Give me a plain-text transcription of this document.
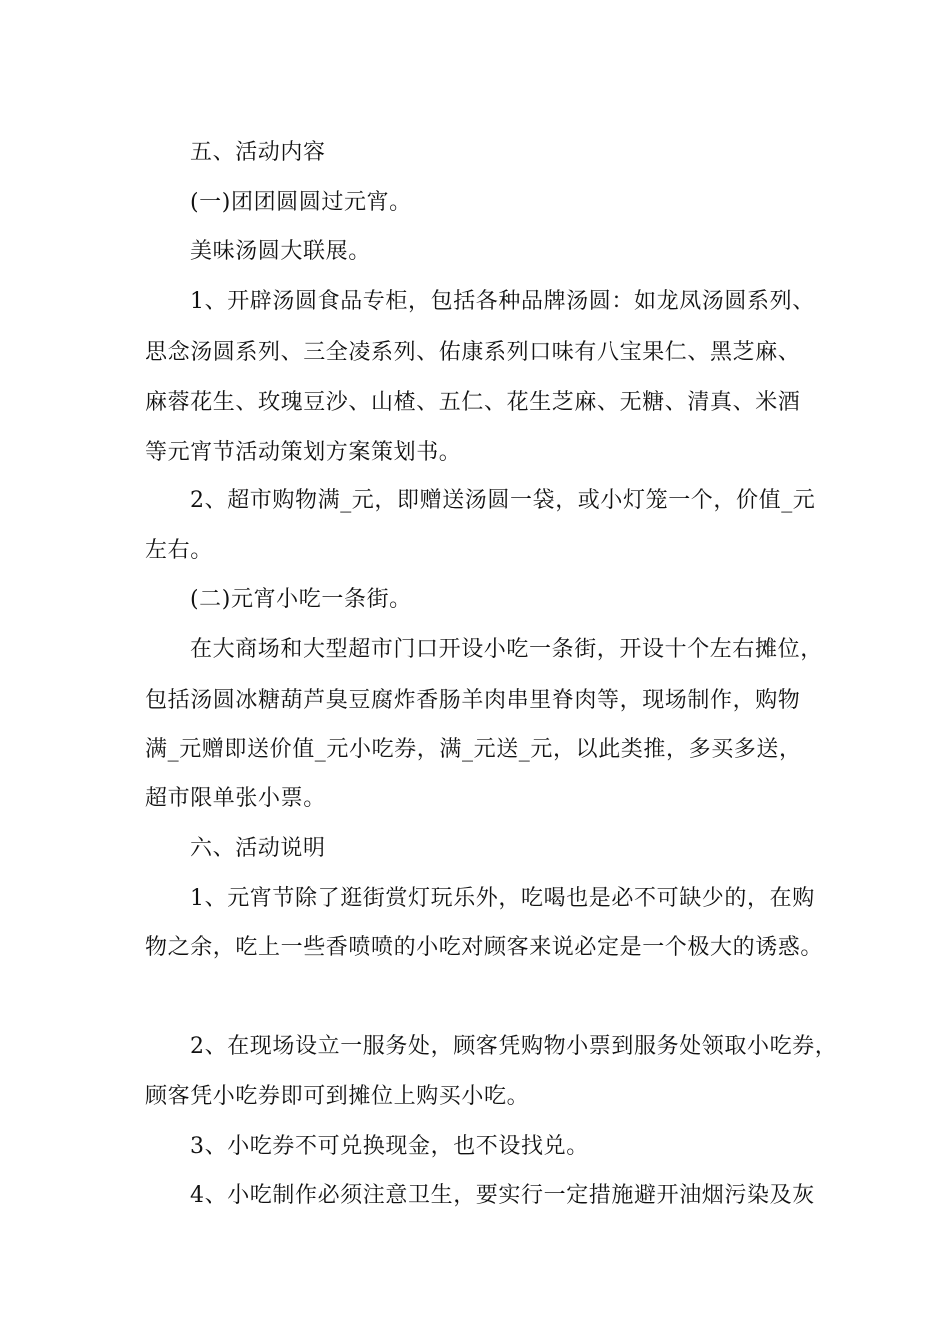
五、活动内容
(一)团团圆圆过元宵。
美味汤圆大联展。
1、开辟汤圆食品专柜，包括各种品牌汤圆：如龙凤汤圆系列、
思念汤圆系列、三全凌系列、佑康系列口味有八宝果仁、黑芝麻、
麻蓉花生、玫瑰豆沙、山楂、五仁、花生芝麻、无糖、清真、米酒
等元宵节活动策划方案策划书。
2、超市购物满_元，即赠送汤圆一袋，或小灯笼一个，价值_元
左右。
(二)元宵小吃一条街。
在大商场和大型超市门口开设小吃一条街，开设十个左右摊位，
包括汤圆冰糖葫芦臭豆腐炸香肠羊肉串里脊肉等，现场制作，购物
满_元赠即送价值_元小吃券，满_元送_元，以此类推，多买多送，
超市限单张小票。
六、活动说明
1、元宵节除了逛街赏灯玩乐外，吃喝也是必不可缺少的，在购
物之余，吃上一些香喷喷的小吃对顾客来说必定是一个极大的诱惑。
2、在现场设立一服务处，顾客凭购物小票到服务处领取小吃券，
顾客凭小吃券即可到摊位上购买小吃。
3、小吃券不可兑换现金，也不设找兑。
4、小吃制作必须注意卫生，要实行一定措施避开油烟污染及灰
